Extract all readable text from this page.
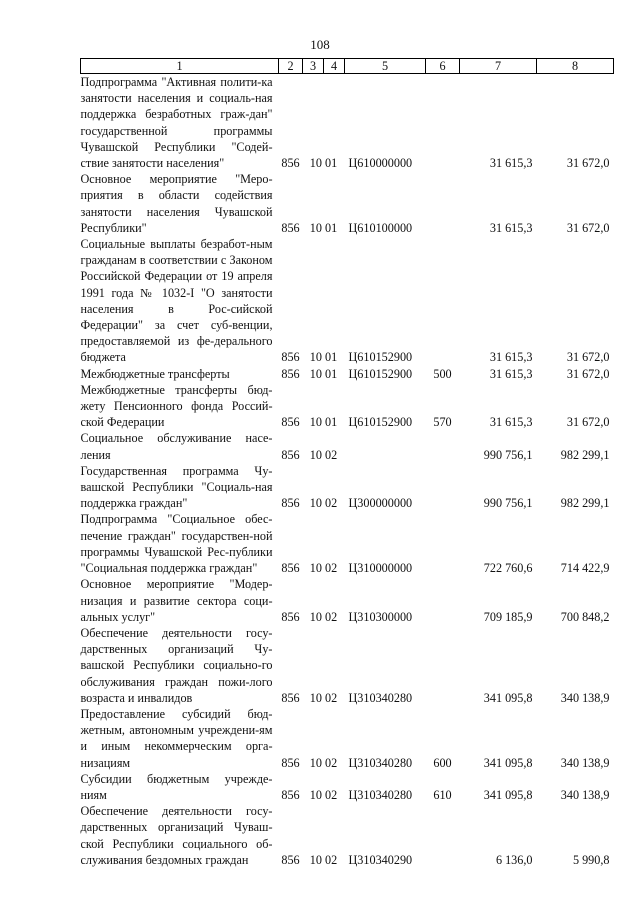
108
1	2	3	4	5	6	7	8
Подпрограмма "Активная полити-ка занятости населения и социаль-ная поддержка безработных граж-дан" государственной программы Чувашской Республики "Содей-ствие занятости населения"	856	10 01		Ц610000000		31 615,3	31 672,0
Основное мероприятие "Меро-приятия в области содействия занятости населения Чувашской Республики"	856	10 01		Ц610100000		31 615,3	31 672,0
Социальные выплаты безработ-ным гражданам в соответствии с Законом Российской Федерации от 19 апреля 1991 года № 1032-I "О занятости населения в Рос-сийской Федерации" за счет суб-венции, предоставляемой из фе-дерального бюджета	856	10 01		Ц610152900		31 615,3	31 672,0
Межбюджетные трансферты	856	10 01		Ц610152900	500	31 615,3	31 672,0
Межбюджетные трансферты бюд-жету Пенсионного фонда Россий-ской Федерации	856	10 01		Ц610152900	570	31 615,3	31 672,0
Социальное обслуживание насе-ления	856	10 02				990 756,1	982 299,1
Государственная программа Чу-вашской Республики "Социаль-ная поддержка граждан"	856	10 02		Ц300000000		990 756,1	982 299,1
Подпрограмма "Социальное обес-печение граждан" государствен-ной программы Чувашской Рес-публики "Социальная поддержка граждан"	856	10 02		Ц310000000		722 760,6	714 422,9
Основное мероприятие "Модер-низация и развитие сектора соци-альных услуг"	856	10 02		Ц310300000		709 185,9	700 848,2
Обеспечение деятельности госу-дарственных организаций Чу-вашской Республики социально-го обслуживания граждан пожи-лого возраста и инвалидов	856	10 02		Ц310340280		341 095,8	340 138,9
Предоставление субсидий бюд-жетным, автономным учреждени-ям и иным некоммерческим орга-низациям	856	10 02		Ц310340280	600	341 095,8	340 138,9
Субсидии бюджетным учрежде-ниям	856	10 02		Ц310340280	610	341 095,8	340 138,9
Обеспечение деятельности госу-дарственных организаций Чуваш-ской Республики социального об-служивания бездомных граждан	856	10 02		Ц310340290		6 136,0	5 990,8
